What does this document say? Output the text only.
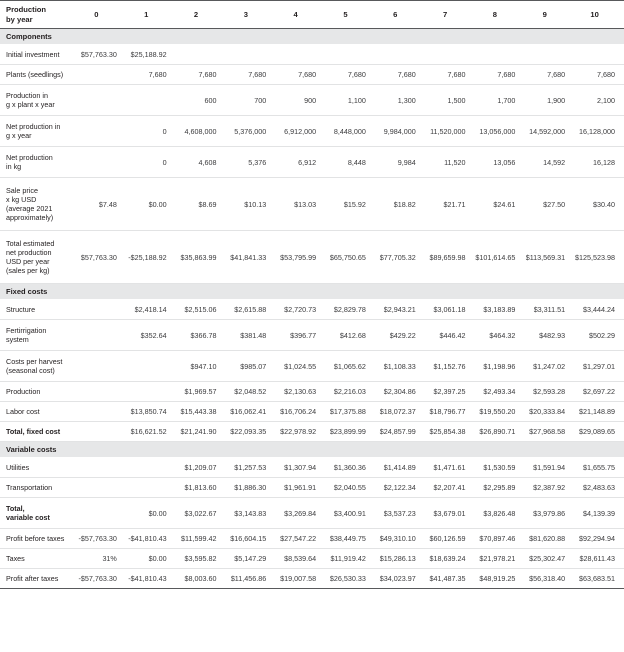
Production
by year	0	1	2	3	4	5	6	7	8	9	10
Components											
Initial investment	$57,763.30	$25,188.92									
Plants (seedlings)		7,680	7,680	7,680	7,680	7,680	7,680	7,680	7,680	7,680	7,680
Production in
g x plant x year			600	700	900	1,100	1,300	1,500	1,700	1,900	2,100
Net production in
g x year		0	4,608,000	5,376,000	6,912,000	8,448,000	9,984,000	11,520,000	13,056,000	14,592,000	16,128,000
Net production
in kg		0	4,608	5,376	6,912	8,448	9,984	11,520	13,056	14,592	16,128
Sale price
x kg USD
(average 2021
approximately)	$7.48	$0.00	$8.69	$10.13	$13.03	$15.92	$18.82	$21.71	$24.61	$27.50	$30.40
Total estimated
net production
USD per year
(sales per kg)	$57,763.30	-$25,188.92	$35,863.99	$41,841.33	$53,795.99	$65,750.65	$77,705.32	$89,659.98	$101,614.65	$113,569.31	$125,523.98
Fixed costs											
Structure		$2,418.14	$2,515.06	$2,615.88	$2,720.73	$2,829.78	$2,943.21	$3,061.18	$3,183.89	$3,311.51	$3,444.24
Fertirrigation
system		$352.64	$366.78	$381.48	$396.77	$412.68	$429.22	$446.42	$464.32	$482.93	$502.29
Costs per harvest
(seasonal cost)			$947.10	$985.07	$1,024.55	$1,065.62	$1,108.33	$1,152.76	$1,198.96	$1,247.02	$1,297.01
Production			$1,969.57	$2,048.52	$2,130.63	$2,216.03	$2,304.86	$2,397.25	$2,493.34	$2,593.28	$2,697.22
Labor cost		$13,850.74	$15,443.38	$16,062.41	$16,706.24	$17,375.88	$18,072.37	$18,796.77	$19,550.20	$20,333.84	$21,148.89
Total, fixed cost		$16,621.52	$21,241.90	$22,093.35	$22,978.92	$23,899.99	$24,857.99	$25,854.38	$26,890.71	$27,968.58	$29,089.65
Variable costs											
Utilities			$1,209.07	$1,257.53	$1,307.94	$1,360.36	$1,414.89	$1,471.61	$1,530.59	$1,591.94	$1,655.75
Transportation			$1,813.60	$1,886.30	$1,961.91	$2,040.55	$2,122.34	$2,207.41	$2,295.89	$2,387.92	$2,483.63
Total,
variable cost		$0.00	$3,022.67	$3,143.83	$3,269.84	$3,400.91	$3,537.23	$3,679.01	$3,826.48	$3,979.86	$4,139.39
Profit before taxes	-$57,763.30	-$41,810.43	$11,599.42	$16,604.15	$27,547.22	$38,449.75	$49,310.10	$60,126.59	$70,897.46	$81,620.88	$92,294.94
Taxes	31%	$0.00	$3,595.82	$5,147.29	$8,539.64	$11,919.42	$15,286.13	$18,639.24	$21,978.21	$25,302.47	$28,611.43
Profit after taxes	-$57,763.30	-$41,810.43	$8,003.60	$11,456.86	$19,007.58	$26,530.33	$34,023.97	$41,487.35	$48,919.25	$56,318.40	$63,683.51
